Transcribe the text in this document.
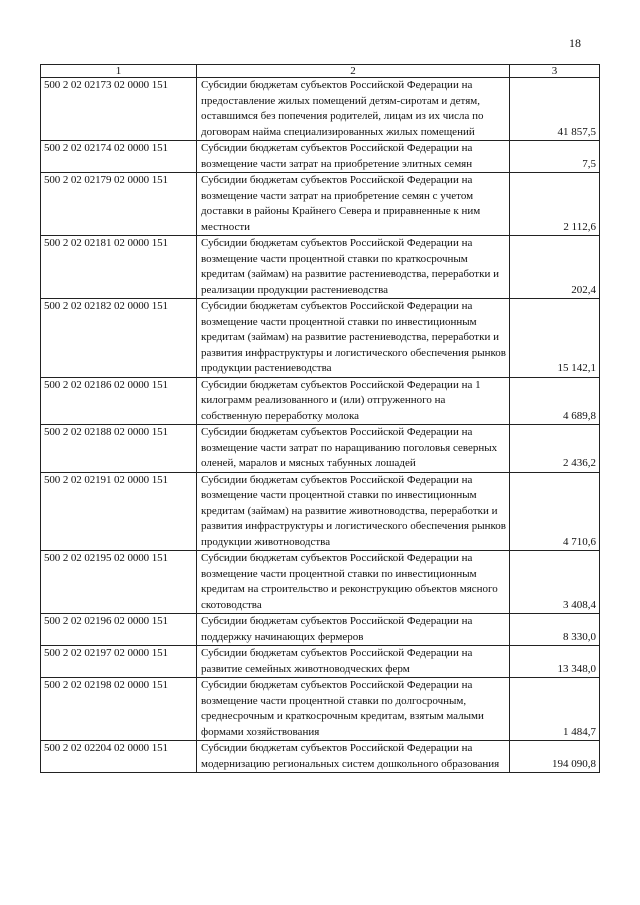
18
1	2	3
500 2 02 02173 02 0000 151	Субсидии бюджетам субъектов Российской Федерации на предоставление жилых помещений детям-сиротам и детям, оставшимся без попечения родителей, лицам из их числа по договорам найма специализированных жилых помещений	41 857,5
500 2 02 02174 02 0000 151	Субсидии бюджетам субъектов Российской Федерации на возмещение части затрат на приобретение элитных семян	7,5
500 2 02 02179 02 0000 151	Субсидии бюджетам субъектов Российской Федерации на возмещение части затрат на приобретение семян с учетом доставки в районы Крайнего Севера и приравненные к ним местности	2 112,6
500 2 02 02181 02 0000 151	Субсидии бюджетам субъектов Российской Федерации на возмещение части процентной ставки по краткосрочным кредитам (займам) на развитие растениеводства, переработки и реализации продукции растениеводства	202,4
500 2 02 02182 02 0000 151	Субсидии бюджетам субъектов Российской Федерации на возмещение части процентной ставки по инвестиционным кредитам (займам) на развитие растениеводства, переработки и развития инфраструктуры и логистического обеспечения рынков продукции растениеводства	15 142,1
500 2 02 02186 02 0000 151	Субсидии бюджетам субъектов Российской Федерации на 1 килограмм реализованного и (или) отгруженного на собственную переработку молока	4 689,8
500 2 02 02188 02 0000 151	Субсидии бюджетам субъектов Российской Федерации на возмещение части затрат по наращиванию поголовья северных оленей, маралов и мясных табунных лошадей	2 436,2
500 2 02 02191 02 0000 151	Субсидии бюджетам субъектов Российской Федерации на возмещение части процентной ставки по инвестиционным кредитам (займам) на развитие животноводства, переработки и развития инфраструктуры и логистического обеспечения рынков продукции животноводства	4 710,6
500 2 02 02195 02 0000 151	Субсидии бюджетам субъектов Российской Федерации на возмещение части процентной ставки по инвестиционным кредитам на строительство и реконструкцию объектов мясного скотоводства	3 408,4
500 2 02 02196 02 0000 151	Субсидии бюджетам субъектов Российской Федерации на поддержку начинающих фермеров	8 330,0
500 2 02 02197 02 0000 151	Субсидии бюджетам субъектов Российской Федерации на развитие семейных животноводческих ферм	13 348,0
500 2 02 02198 02 0000 151	Субсидии бюджетам субъектов Российской Федерации на возмещение части процентной ставки по долгосрочным, среднесрочным и краткосрочным кредитам, взятым малыми формами хозяйствования	1 484,7
500 2 02 02204 02 0000 151	Субсидии бюджетам субъектов Российской Федерации на модернизацию региональных систем дошкольного образования	194 090,8
